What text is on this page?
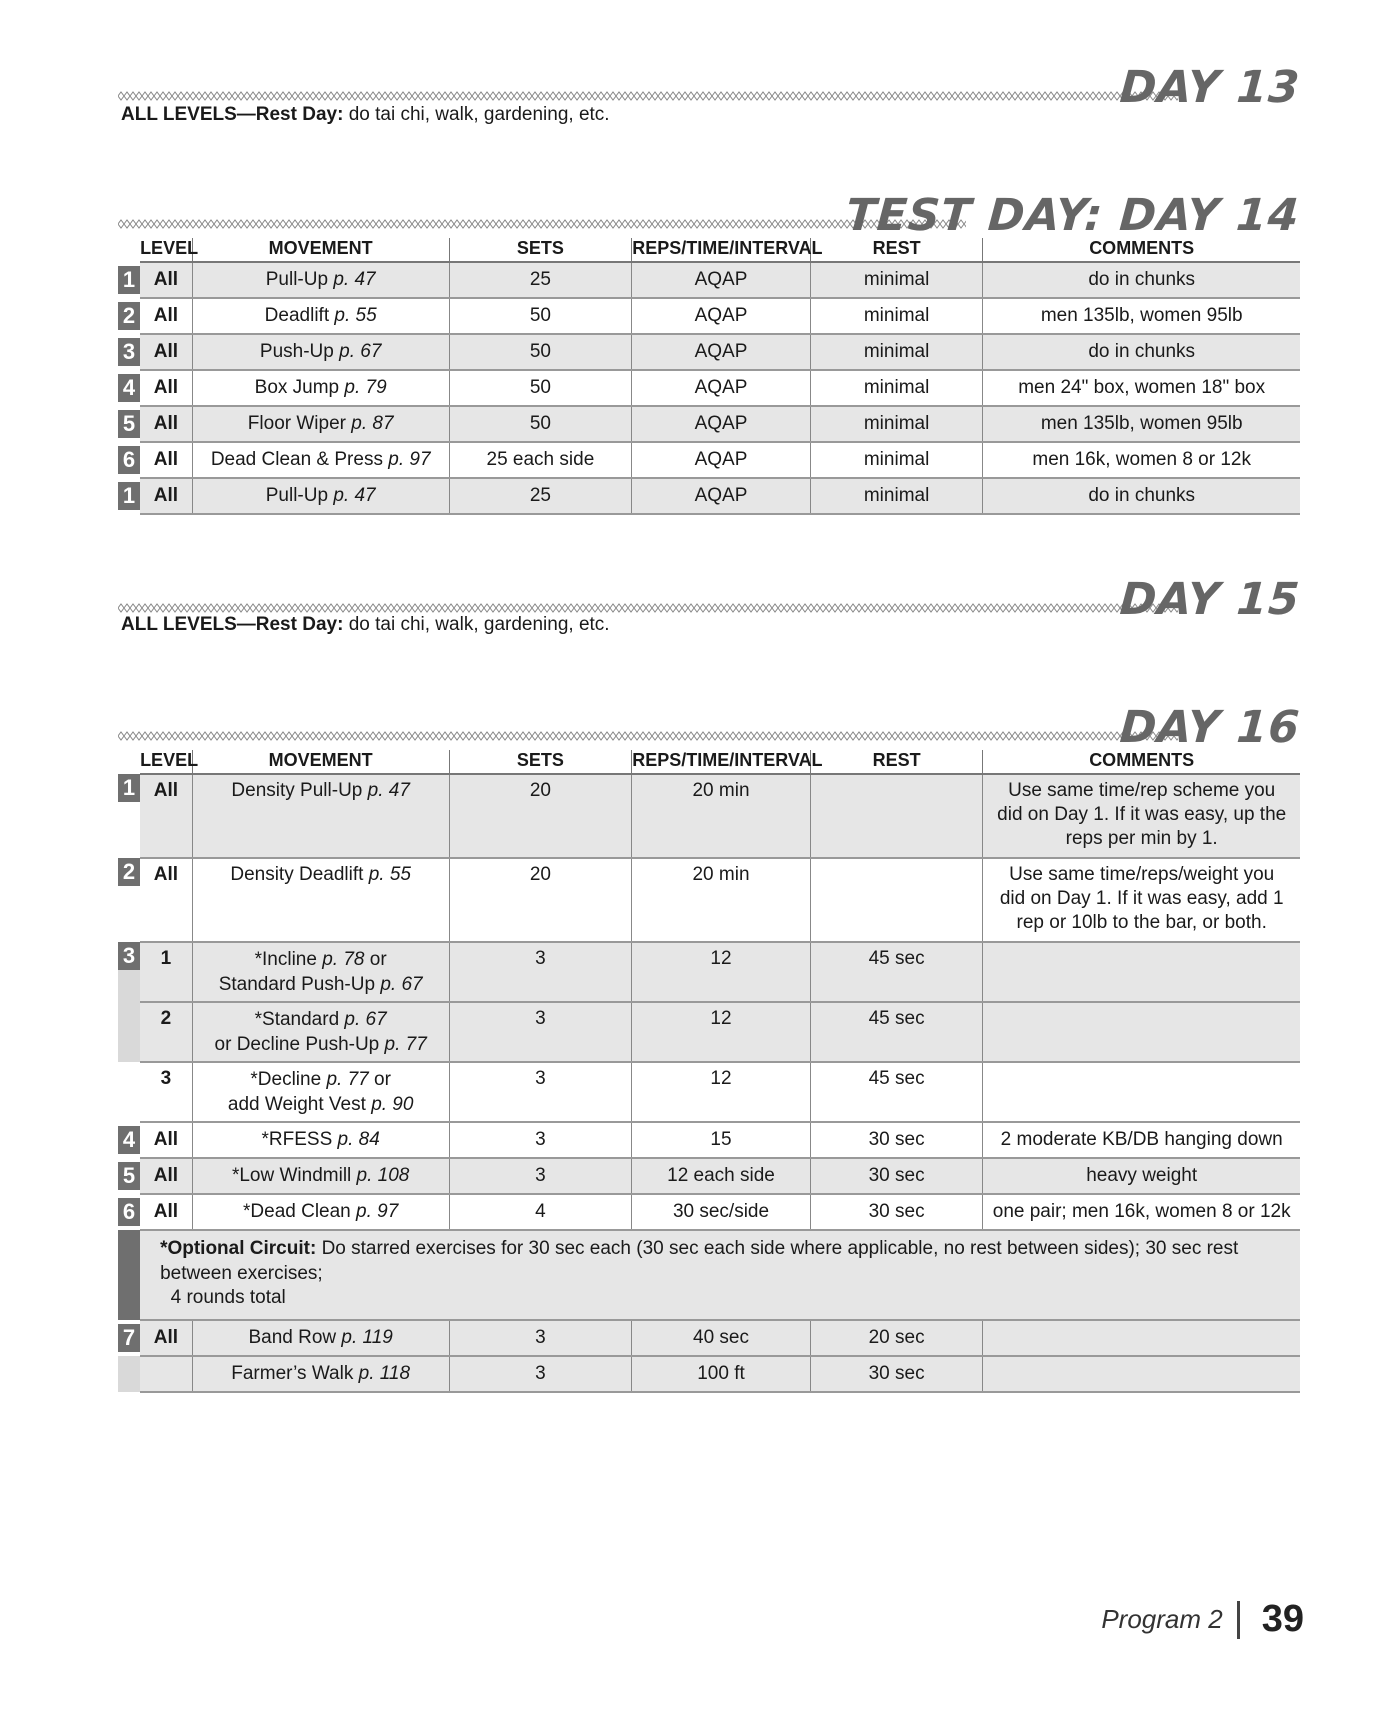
DAY 13
ALL LEVELS—Rest Day: do tai chi, walk, gardening, etc.
TEST DAY: DAY 14
	LEVEL	MOVEMENT	SETS	REPS/TIME/INTERVAL	REST	COMMENTS

1	All	Pull-Up p. 47	25	AQAP	minimal	do in chunks

2	All	Deadlift p. 55	50	AQAP	minimal	men 135lb, women 95lb

3	All	Push-Up p. 67	50	AQAP	minimal	do in chunks

4	All	Box Jump p. 79	50	AQAP	minimal	men 24" box, women 18" box

5	All	Floor Wiper p. 87	50	AQAP	minimal	men 135lb, women 95lb

6	All	Dead Clean & Press p. 97	25 each side	AQAP	minimal	men 16k, women 8 or 12k

1	All	Pull-Up p. 47	25	AQAP	minimal	do in chunks
DAY 15
ALL LEVELS—Rest Day: do tai chi, walk, gardening, etc.
DAY 16
	LEVEL	MOVEMENT	SETS	REPS/TIME/INTERVAL	REST	COMMENTS

1	All	Density Pull-Up p. 47	20	20 min		Use same time/rep scheme you did on Day 1. If it was easy, up the reps per min by 1.

2	All	Density Deadlift p. 55	20	20 min		Use same time/reps/weight you did on Day 1. If it was easy, add 1 rep or 10lb to the bar, or both.

3	1	*Incline p. 78 or
Standard Push-Up p. 67	3	12	45 sec	
	2	*Standard p. 67
or Decline Push-Up p. 77	3	12	45 sec	
	3	*Decline p. 77 or
add Weight Vest p. 90	3	12	45 sec	

4	All	*RFESS p. 84	3	15	30 sec	2 moderate KB/DB hanging down

5	All	*Low Windmill p. 108	3	12 each side	30 sec	heavy weight

6	All	*Dead Clean p. 97	4	30 sec/side	30 sec	one pair; men 16k, women 8 or 12k
	*Optional Circuit: Do starred exercises for 30 sec each (30 sec each side where applicable, no rest between sides); 30 sec rest between exercises;
4 rounds total					

7	All	Band Row p. 119	3	40 sec	20 sec	
		Farmer’s Walk p. 118	3	100 ft	30 sec	
Program 2 39
